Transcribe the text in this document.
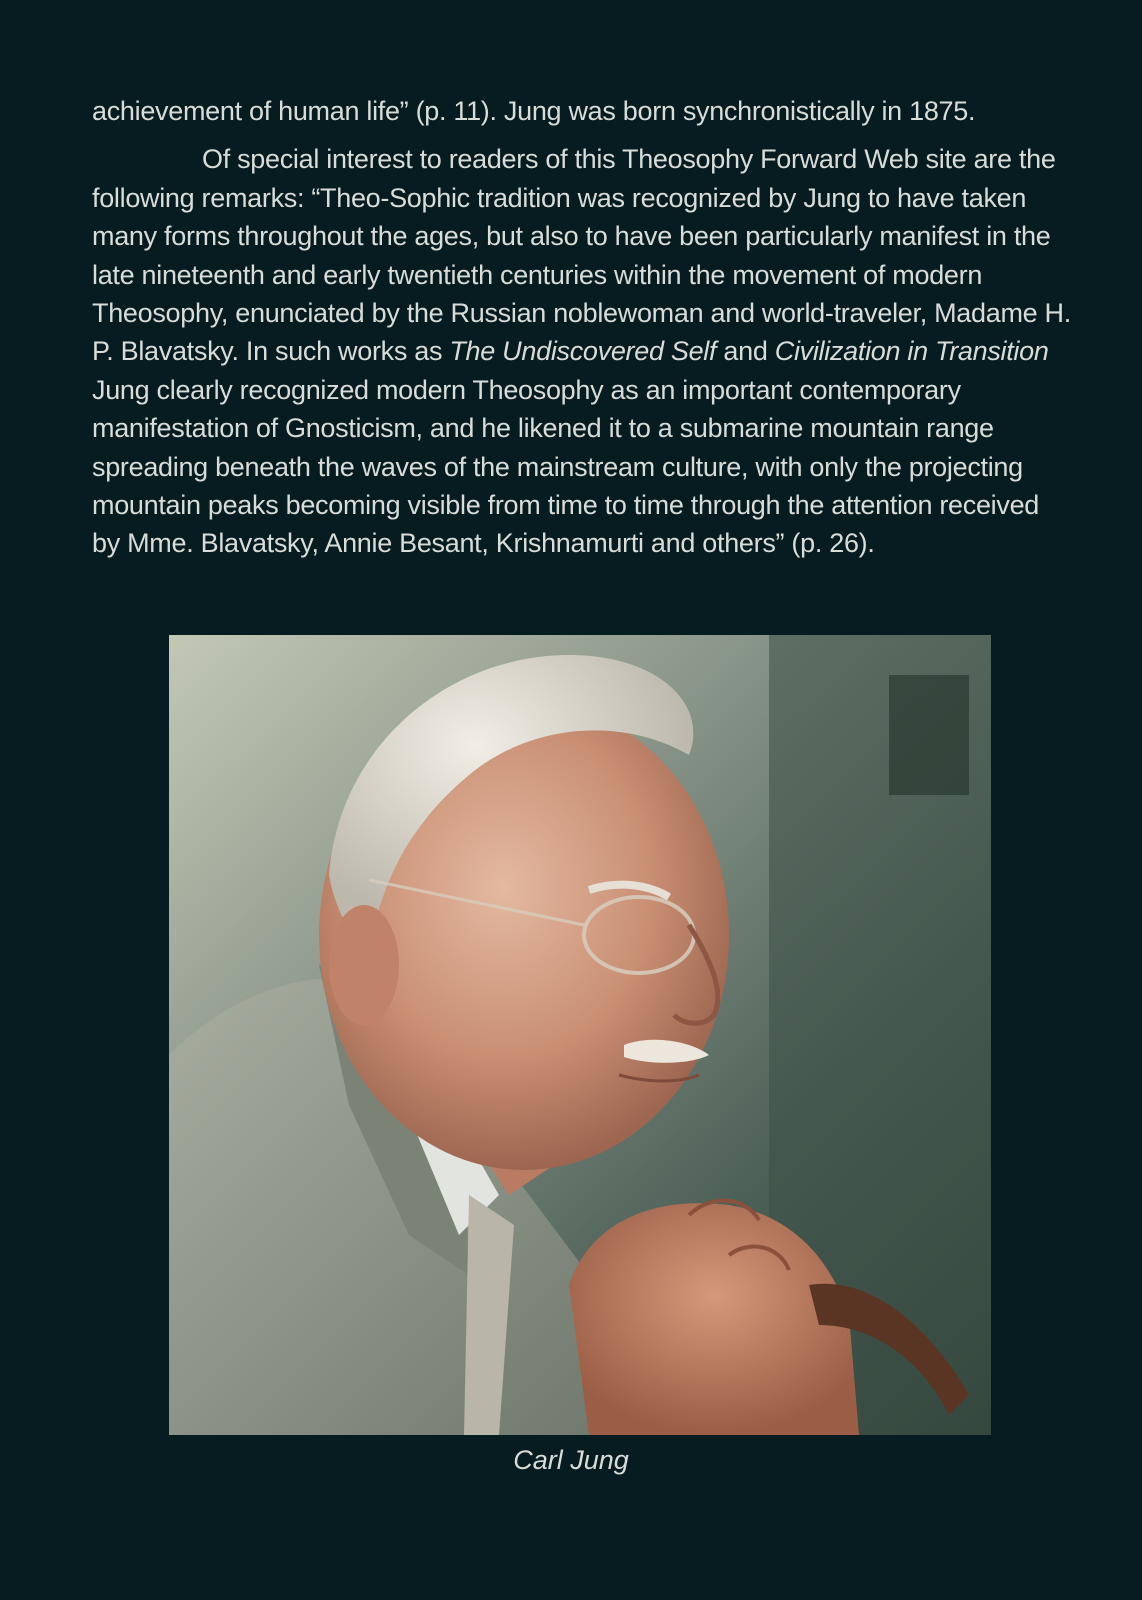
achievement of human life” (p. 11). Jung was born synchronistically in 1875.

Of special interest to readers of this Theosophy Forward Web site are the following remarks: “Theo-Sophic tradition was recognized by Jung to have taken many forms throughout the ages, but also to have been particularly manifest in the late nineteenth and early twentieth centuries within the movement of modern Theosophy, enunciated by the Russian noblewoman and world-traveler, Madame H. P. Blavatsky. In such works as The Undiscovered Self and Civilization in Transition Jung clearly recognized modern Theosophy as an important contemporary manifestation of Gnosticism, and he likened it to a submarine mountain range spreading beneath the waves of the mainstream culture, with only the projecting mountain peaks becoming visible from time to time through the attention received by Mme. Blavatsky, Annie Besant, Krishnamurti and others” (p. 26).

Carl Jung
